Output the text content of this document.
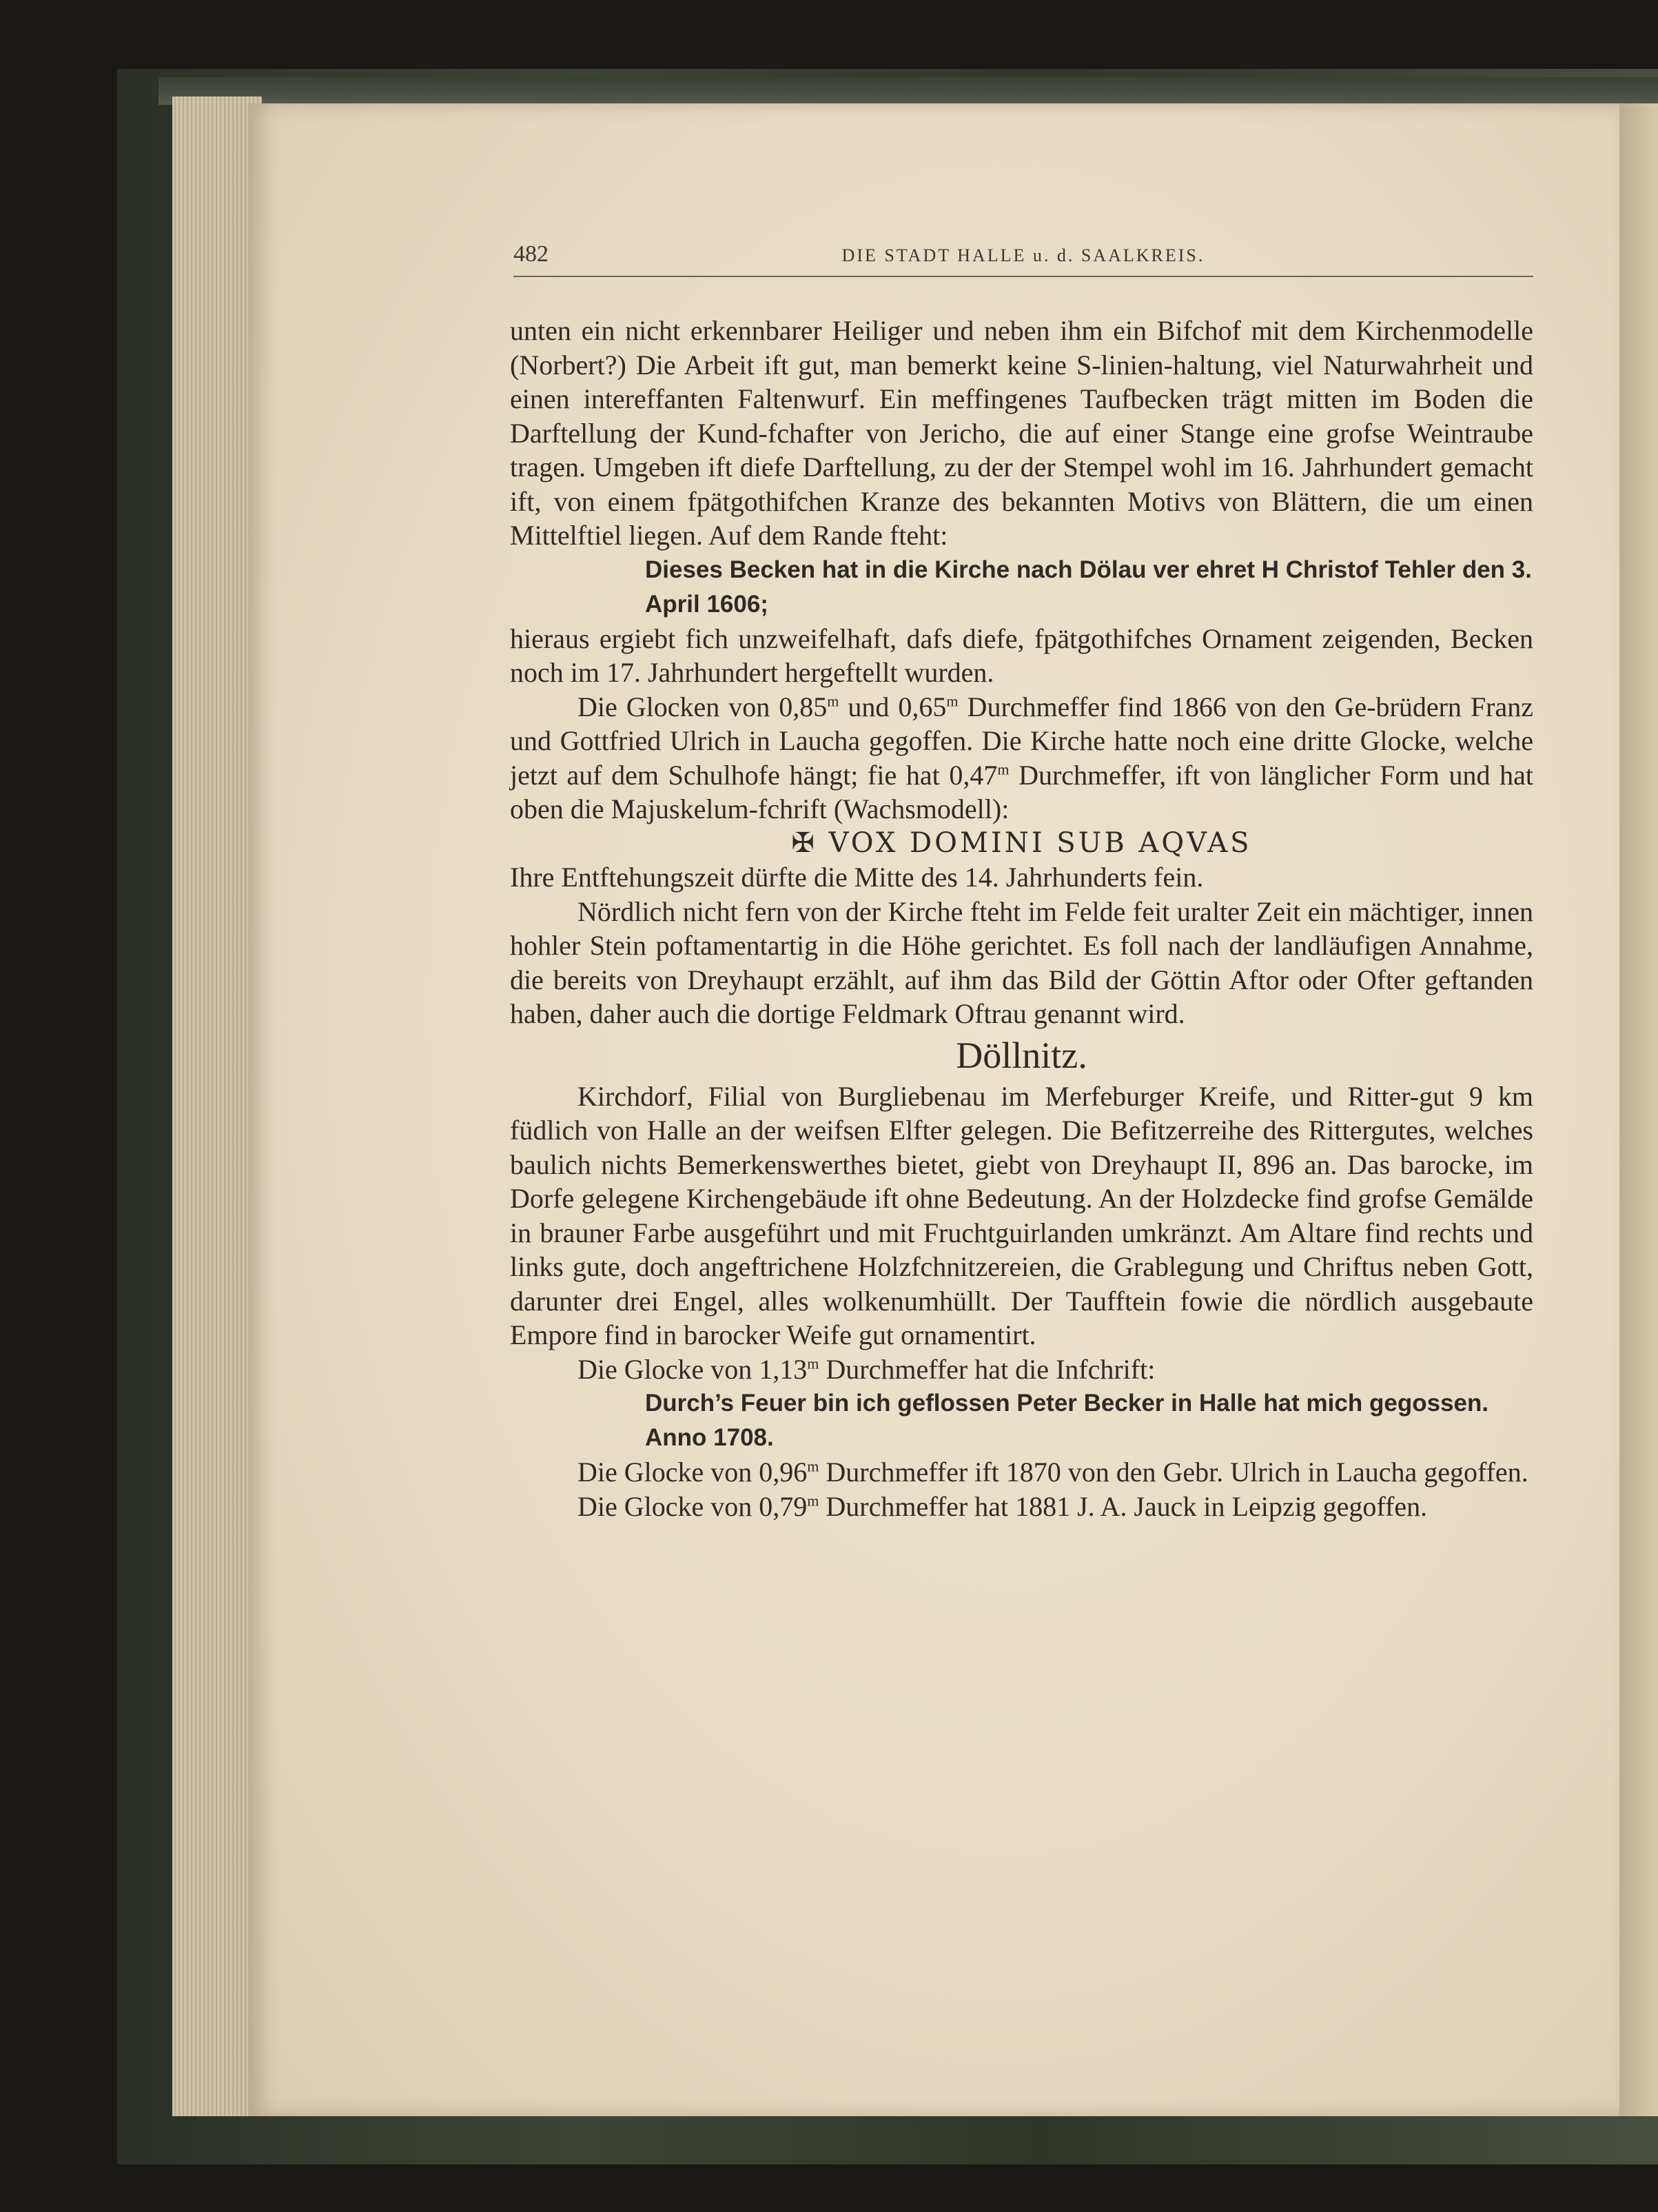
482	DIE STADT HALLE u. d. SAALKREIS.

unten ein nicht erkennbarer Heiliger und neben ihm ein Bifchof mit dem Kirchenmodelle (Norbert?) Die Arbeit ift gut, man bemerkt keine S-linien-haltung, viel Naturwahrheit und einen intereffanten Faltenwurf. Ein meffingenes Taufbecken trägt mitten im Boden die Darftellung der Kund-fchafter von Jericho, die auf einer Stange eine grofse Weintraube tragen. Umgeben ift diefe Darftellung, zu der der Stempel wohl im 16. Jahrhundert gemacht ift, von einem fpätgothifchen Kranze des bekannten Motivs von Blättern, die um einen Mittelftiel liegen. Auf dem Rande fteht:

Dieses Becken hat in die Kirche nach Dölau ver ehret H Christof Tehler den 3. April 1606;

hieraus ergiebt fich unzweifelhaft, dafs diefe, fpätgothifches Ornament zeigenden, Becken noch im 17. Jahrhundert hergeftellt wurden.

Die Glocken von 0,85$^m$ und 0,65$^m$ Durchmeffer find 1866 von den Ge-brüdern Franz und Gottfried Ulrich in Laucha gegoffen. Die Kirche hatte noch eine dritte Glocke, welche jetzt auf dem Schulhofe hängt; fie hat 0,47$^m$ Durchmeffer, ift von länglicher Form und hat oben die Majuskelum-fchrift (Wachsmodell):

✠ VOX DOMINI SUB AQVAS

Ihre Entftehungszeit dürfte die Mitte des 14. Jahrhunderts fein.

Nördlich nicht fern von der Kirche fteht im Felde feit uralter Zeit ein mächtiger, innen hohler Stein poftamentartig in die Höhe gerichtet. Es foll nach der landläufigen Annahme, die bereits von Dreyhaupt erzählt, auf ihm das Bild der Göttin Aftor oder Ofter geftanden haben, daher auch die dortige Feldmark Oftrau genannt wird.

Döllnitz.

Kirchdorf, Filial von Burgliebenau im Merfeburger Kreife, und Ritter-gut 9 km füdlich von Halle an der weifsen Elfter gelegen. Die Befitzerreihe des Rittergutes, welches baulich nichts Bemerkenswerthes bietet, giebt von Dreyhaupt II, 896 an. Das barocke, im Dorfe gelegene Kirchengebäude ift ohne Bedeutung. An der Holzdecke find grofse Gemälde in brauner Farbe ausgeführt und mit Fruchtguirlanden umkränzt. Am Altare find rechts und links gute, doch angeftrichene Holzfchnitzereien, die Grablegung und Chriftus neben Gott, darunter drei Engel, alles wolkenumhüllt. Der Taufftein fowie die nördlich ausgebaute Empore find in barocker Weife gut ornamentirt.

Die Glocke von 1,13$^m$ Durchmeffer hat die Infchrift:

Durch’s Feuer bin ich geflossen Peter Becker in Halle hat mich gegossen. Anno 1708.

Die Glocke von 0,96$^m$ Durchmeffer ift 1870 von den Gebr. Ulrich in Laucha gegoffen.

Die Glocke von 0,79$^m$ Durchmeffer hat 1881 J. A. Jauck in Leipzig gegoffen.
